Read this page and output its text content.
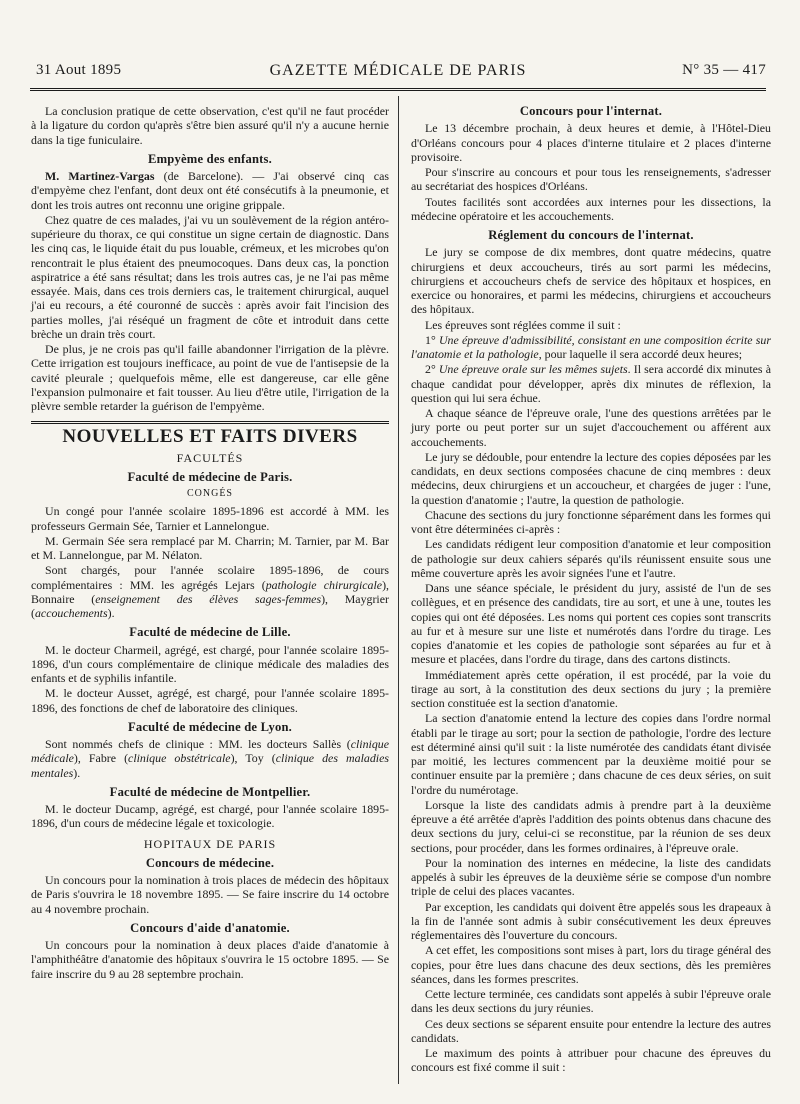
31 Aout 1895	GAZETTE MÉDICALE DE PARIS	N° 35 — 417

La conclusion pratique de cette observation, c'est qu'il ne faut procéder à la ligature du cordon qu'après s'être bien assuré qu'il n'y a aucune hernie dans la tige funiculaire.

Empyème des enfants.

M. Martinez-Vargas (de Barcelone). — J'ai observé cinq cas d'empyème chez l'enfant, dont deux ont été consécutifs à la pneumonie, et dont les trois autres ont reconnu une origine grippale.

Chez quatre de ces malades, j'ai vu un soulèvement de la région antéro-supérieure du thorax, ce qui constitue un signe certain de diagnostic. Dans les cinq cas, le liquide était du pus louable, crémeux, et les microbes qu'on rencontrait le plus étaient des pneumocoques. Dans deux cas, la ponction aspiratrice a été sans résultat; dans les trois autres cas, je ne l'ai pas même essayée. Mais, dans ces trois derniers cas, le traitement chirurgical, auquel j'ai eu recours, a été couronné de succès : après avoir fait l'incision des parties molles, j'ai réséqué un fragment de côte et introduit dans cette brèche un drain très court.

De plus, je ne crois pas qu'il faille abandonner l'irrigation de la plèvre. Cette irrigation est toujours inefficace, au point de vue de l'antisepsie de la cavité pleurale ; quelquefois même, elle est dangereuse, car elle gêne l'expansion pulmonaire et fait tousser. Au lieu d'être utile, l'irrigation de la plèvre semble retarder la guérison de l'empyème.

NOUVELLES ET FAITS DIVERS
FACULTÉS
Faculté de médecine de Paris.
CONGÉS

Un congé pour l'année scolaire 1895-1896 est accordé à MM. les professeurs Germain Sée, Tarnier et Lannelongue.

M. Germain Sée sera remplacé par M. Charrin; M. Tarnier, par M. Bar et M. Lannelongue, par M. Nélaton.

Sont chargés, pour l'année scolaire 1895-1896, de cours complémentaires : MM. les agrégés Lejars (pathologie chirurgicale), Bonnaire (enseignement des élèves sages-femmes), Maygrier (accouchements).

Faculté de médecine de Lille.

M. le docteur Charmeil, agrégé, est chargé, pour l'année scolaire 1895-1896, d'un cours complémentaire de clinique médicale des maladies des enfants et de syphilis infantile.

M. le docteur Ausset, agrégé, est chargé, pour l'année scolaire 1895-1896, des fonctions de chef de laboratoire des cliniques.

Faculté de médecine de Lyon.

Sont nommés chefs de clinique : MM. les docteurs Sallès (clinique médicale), Fabre (clinique obstétricale), Toy (clinique des maladies mentales).

Faculté de médecine de Montpellier.

M. le docteur Ducamp, agrégé, est chargé, pour l'année scolaire 1895-1896, d'un cours de médecine légale et toxicologie.

HOPITAUX DE PARIS
Concours de médecine.

Un concours pour la nomination à trois places de médecin des hôpitaux de Paris s'ouvrira le 18 novembre 1895. — Se faire inscrire du 14 octobre au 4 novembre prochain.

Concours d'aide d'anatomie.

Un concours pour la nomination à deux places d'aide d'anatomie à l'amphithéâtre d'anatomie des hôpitaux s'ouvrira le 15 octobre 1895. — Se faire inscrire du 9 au 28 septembre prochain.

Concours pour l'internat.

Le 13 décembre prochain, à deux heures et demie, à l'Hôtel-Dieu d'Orléans concours pour 4 places d'interne titulaire et 2 places d'interne provisoire.

Pour s'inscrire au concours et pour tous les renseignements, s'adresser au secrétariat des hospices d'Orléans.

Toutes facilités sont accordées aux internes pour les dissections, la médecine opératoire et les accouchements.

Réglement du concours de l'internat.

Le jury se compose de dix membres, dont quatre médecins, quatre chirurgiens et deux accoucheurs, tirés au sort parmi les médecins, chirurgiens et accoucheurs chefs de service des hôpitaux et hospices, en exercice ou honoraires, et parmi les médecins, chirurgiens et accoucheurs des hôpitaux.

Les épreuves sont réglées comme il suit :

1° Une épreuve d'admissibilité, consistant en une composition écrite sur l'anatomie et la pathologie, pour laquelle il sera accordé deux heures;

2° Une épreuve orale sur les mêmes sujets. Il sera accordé dix minutes à chaque candidat pour développer, après dix minutes de réflexion, la question qui lui sera échue.

A chaque séance de l'épreuve orale, l'une des questions arrêtées par le jury porte ou peut porter sur un sujet d'accouchement ou afférent aux accouchements.

Le jury se dédouble, pour entendre la lecture des copies déposées par les candidats, en deux sections composées chacune de cinq membres : deux médecins, deux chirurgiens et un accoucheur, et chargées de juger : l'une, la question d'anatomie ; l'autre, la question de pathologie.

Chacune des sections du jury fonctionne séparément dans les formes qui vont être déterminées ci-après :

Les candidats rédigent leur composition d'anatomie et leur composition de pathologie sur deux cahiers séparés qu'ils réunissent ensuite sous une même couverture après les avoir signées l'une et l'autre.

Dans une séance spéciale, le président du jury, assisté de l'un de ses collègues, et en présence des candidats, tire au sort, et une à une, toutes les copies qui ont été déposées. Les noms qui portent ces copies sont transcrits au fur et à mesure sur une liste et numérotés dans l'ordre du tirage. Les copies d'anatomie et les copies de pathologie sont séparées au fur et à mesure et placées, dans l'ordre du tirage, dans des cartons distincts.

Immédiatement après cette opération, il est procédé, par la voie du tirage au sort, à la constitution des deux sections du jury ; la première section constituée est la section d'anatomie.

La section d'anatomie entend la lecture des copies dans l'ordre normal établi par le tirage au sort; pour la section de pathologie, l'ordre des lecture est déterminé ainsi qu'il suit : la liste numérotée des candidats étant divisée par moitié, les lectures commencent par la deuxième moitié pour se continuer ensuite par la première ; dans chacune de ces deux séries, on suit l'ordre du numérotage.

Lorsque la liste des candidats admis à prendre part à la deuxième épreuve a été arrêtée d'après l'addition des points obtenus dans chacune des deux sections du jury, celui-ci se reconstitue, par la réunion de ses deux sections, pour procéder, dans les formes ordinaires, à l'épreuve orale.

Pour la nomination des internes en médecine, la liste des candidats appelés à subir les épreuves de la deuxième série se compose d'un nombre triple de celui des places vacantes.

Par exception, les candidats qui doivent être appelés sous les drapeaux à la fin de l'année sont admis à subir consécutivement les deux épreuves réglementaires dès l'ouverture du concours.

A cet effet, les compositions sont mises à part, lors du tirage général des copies, pour être lues dans chacune des deux sections, dès les premières séances, dans les formes prescrites.

Cette lecture terminée, ces candidats sont appelés à subir l'épreuve orale dans les deux sections du jury réunies.

Ces deux sections se séparent ensuite pour entendre la lecture des autres candidats.

Le maximum des points à attribuer pour chacune des épreuves du concours est fixé comme il suit :
